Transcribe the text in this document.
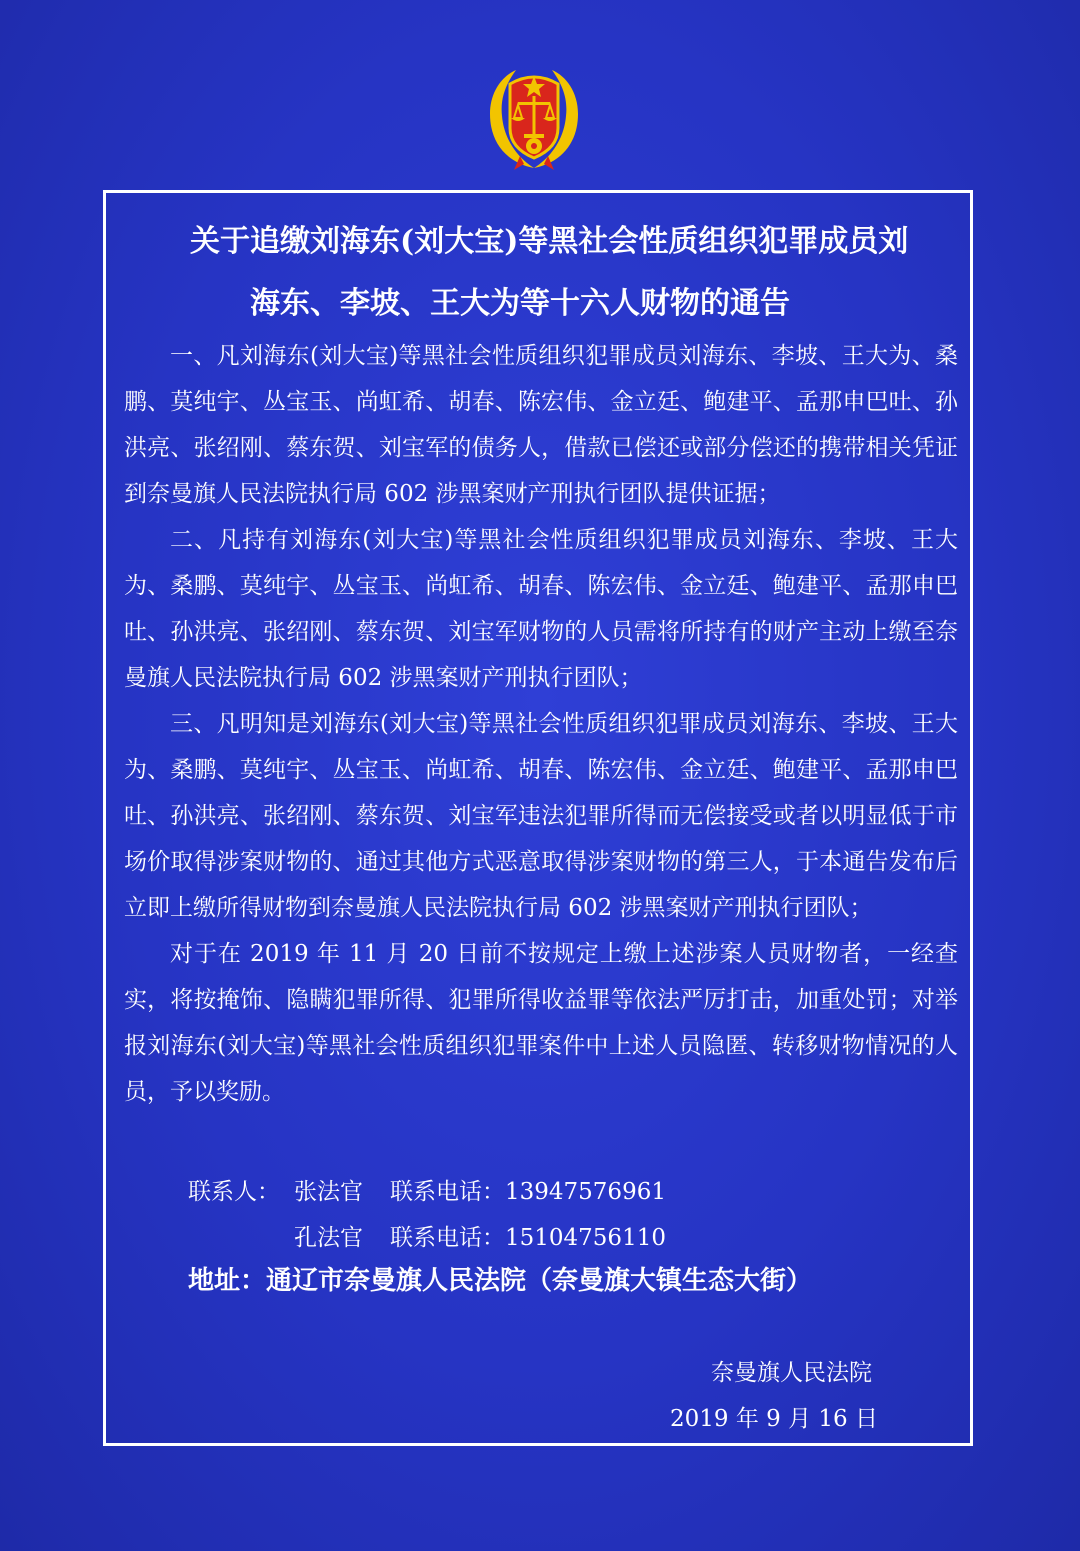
关于追缴刘海东(刘大宝)等黑社会性质组织犯罪成员刘
海东、李坡、王大为等十六人财物的通告

一、凡刘海东(刘大宝)等黑社会性质组织犯罪成员刘海东、李坡、王大为、桑鹏、莫纯宇、丛宝玉、尚虹希、胡春、陈宏伟、金立廷、鲍建平、孟那申巴吐、孙洪亮、张绍刚、蔡东贺、刘宝军的债务人，借款已偿还或部分偿还的携带相关凭证到奈曼旗人民法院执行局 602 涉黑案财产刑执行团队提供证据；

二、凡持有刘海东(刘大宝)等黑社会性质组织犯罪成员刘海东、李坡、王大为、桑鹏、莫纯宇、丛宝玉、尚虹希、胡春、陈宏伟、金立廷、鲍建平、孟那申巴吐、孙洪亮、张绍刚、蔡东贺、刘宝军财物的人员需将所持有的财产主动上缴至奈曼旗人民法院执行局 602 涉黑案财产刑执行团队；

三、凡明知是刘海东(刘大宝)等黑社会性质组织犯罪成员刘海东、李坡、王大为、桑鹏、莫纯宇、丛宝玉、尚虹希、胡春、陈宏伟、金立廷、鲍建平、孟那申巴吐、孙洪亮、张绍刚、蔡东贺、刘宝军违法犯罪所得而无偿接受或者以明显低于市场价取得涉案财物的、通过其他方式恶意取得涉案财物的第三人，于本通告发布后立即上缴所得财物到奈曼旗人民法院执行局 602 涉黑案财产刑执行团队；

对于在 2019 年 11 月 20 日前不按规定上缴上述涉案人员财物者，一经查实，将按掩饰、隐瞒犯罪所得、犯罪所得收益罪等依法严厉打击，加重处罚；对举报刘海东(刘大宝)等黑社会性质组织犯罪案件中上述人员隐匿、转移财物情况的人员，予以奖励。

联系人： 张法官 联系电话：13947576961
孔法官 联系电话：15104756110
地址：通辽市奈曼旗人民法院（奈曼旗大镇生态大街）
奈曼旗人民法院
2019 年 9 月 16 日
